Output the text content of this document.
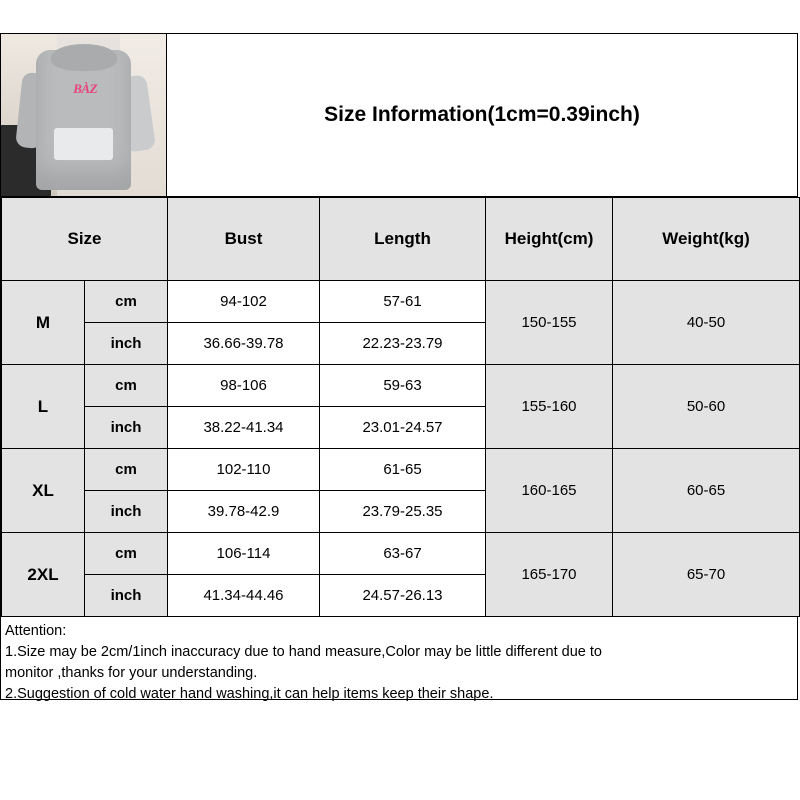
BÀZ
Size Information(1cm=0.39inch)
Size		Bust	Length	Height(cm)	Weight(kg)
M	cm	94-102	57-61	150-155	40-50
	inch	36.66-39.78	22.23-23.79		
L	cm	98-106	59-63	155-160	50-60
	inch	38.22-41.34	23.01-24.57		
XL	cm	102-110	61-65	160-165	60-65
	inch	39.78-42.9	23.79-25.35		
2XL	cm	106-114	63-67	165-170	65-70
	inch	41.34-44.46	24.57-26.13		
Attention:
1.Size may be 2cm/1inch inaccuracy due to hand measure,Color may be little different due to
monitor ,thanks for your understanding.
2.Suggestion of cold water hand washing,it can help items keep their shape.
